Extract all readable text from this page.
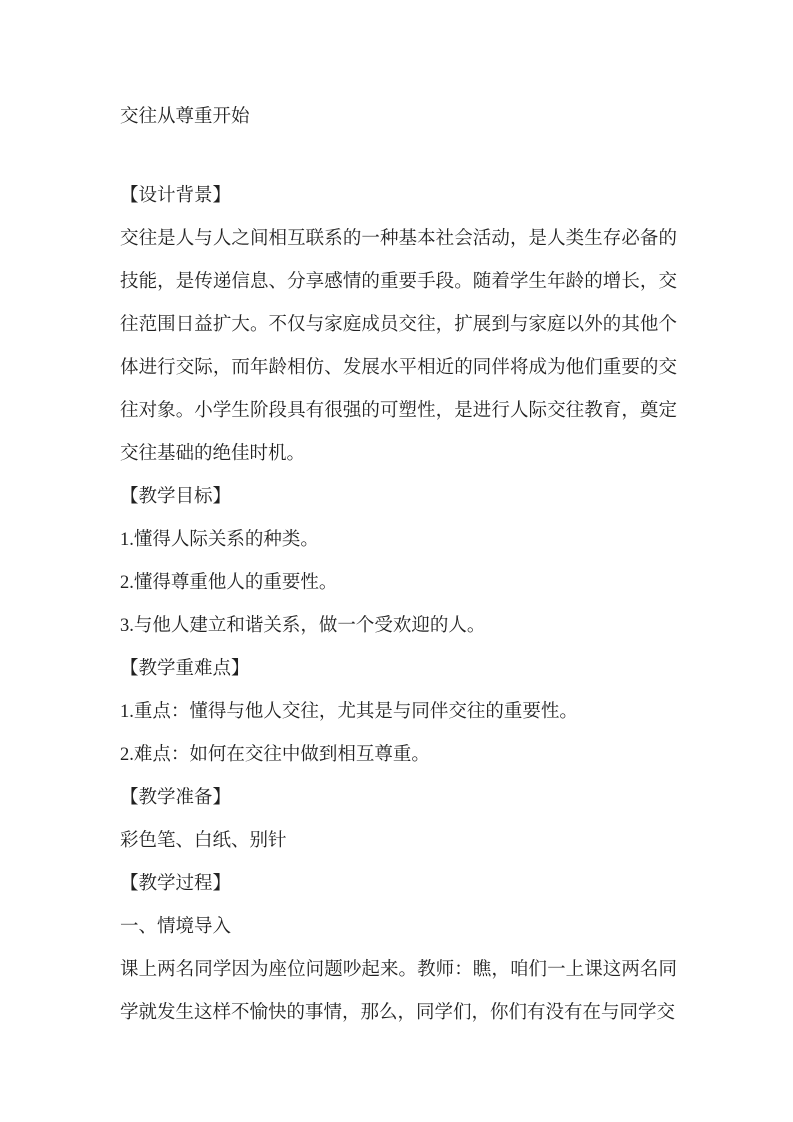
交往从尊重开始

【设计背景】

交往是人与人之间相互联系的一种基本社会活动，是人类生存必备的技能，是传递信息、分享感情的重要手段。随着学生年龄的增长，交往范围日益扩大。不仅与家庭成员交往，扩展到与家庭以外的其他个体进行交际，而年龄相仿、发展水平相近的同伴将成为他们重要的交往对象。小学生阶段具有很强的可塑性，是进行人际交往教育，奠定交往基础的绝佳时机。

【教学目标】

1.懂得人际关系的种类。

2.懂得尊重他人的重要性。

3.与他人建立和谐关系，做一个受欢迎的人。

【教学重难点】

1.重点：懂得与他人交往，尤其是与同伴交往的重要性。

2.难点：如何在交往中做到相互尊重。

【教学准备】

彩色笔、白纸、别针

【教学过程】

一、情境导入

课上两名同学因为座位问题吵起来。教师：瞧，咱们一上课这两名同学就发生这样不愉快的事情，那么，同学们，你们有没有在与同学交
